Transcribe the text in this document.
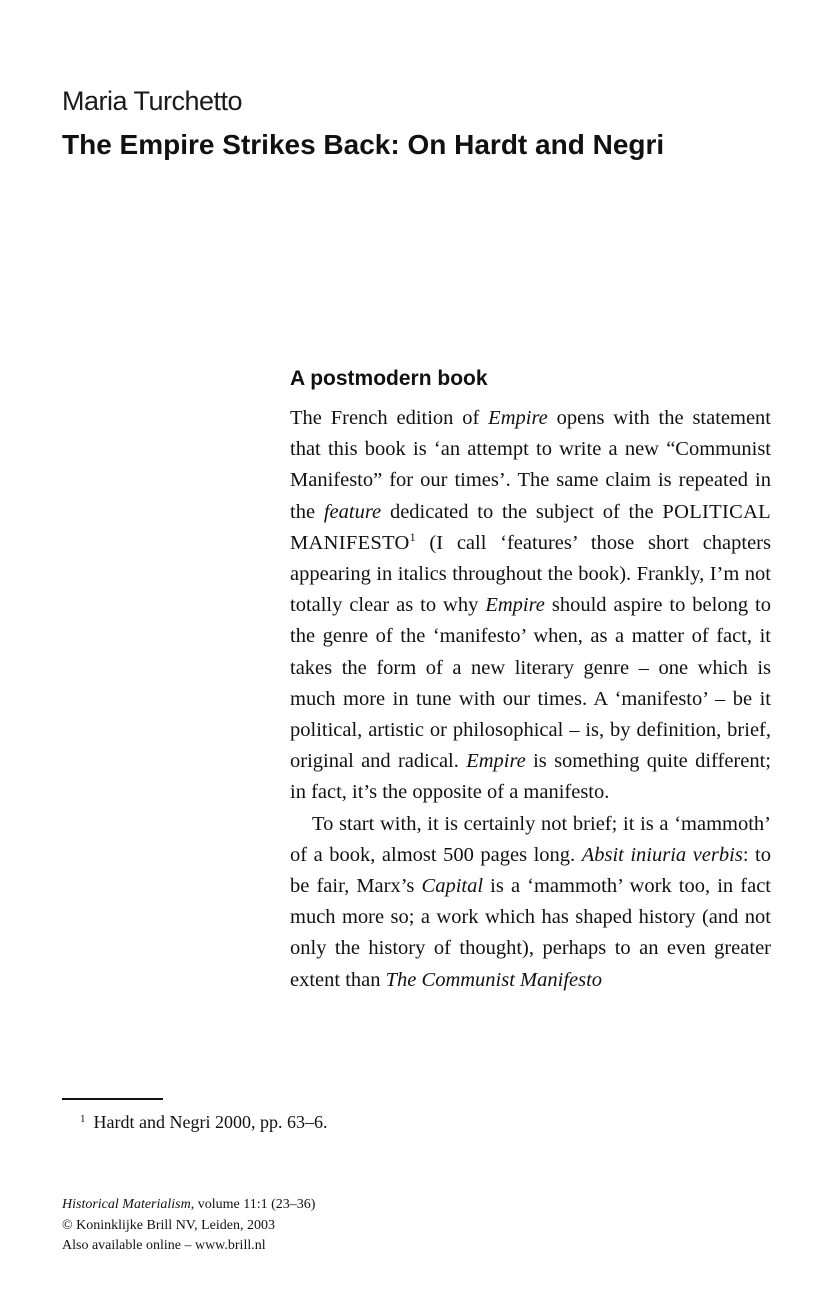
Maria Turchetto
The Empire Strikes Back: On Hardt and Negri
A postmodern book

The French edition of Empire opens with the statement that this book is ‘an attempt to write a new “Communist Manifesto” for our times’. The same claim is repeated in the feature dedicated to the subject of the POLITICAL MANIFESTO$^1$ (I call ‘features’ those short chapters appearing in italics throughout the book). Frankly, I’m not totally clear as to why Empire should aspire to belong to the genre of the ‘manifesto’ when, as a matter of fact, it takes the form of a new literary genre – one which is much more in tune with our times. A ‘manifesto’ – be it political, artistic or philosophical – is, by definition, brief, original and radical. Empire is something quite different; in fact, it’s the opposite of a manifesto.

To start with, it is certainly not brief; it is a ‘mammoth’ of a book, almost 500 pages long. Absit iniuria verbis: to be fair, Marx’s Capital is a ‘mammoth’ work too, in fact much more so; a work which has shaped history (and not only the history of thought), perhaps to an even greater extent than The Communist Manifesto

$^1$ Hardt and Negri 2000, pp. 63–6.

Historical Materialism, volume 11:1 (23–36)
© Koninklijke Brill NV, Leiden, 2003
Also available online – www.brill.nl
